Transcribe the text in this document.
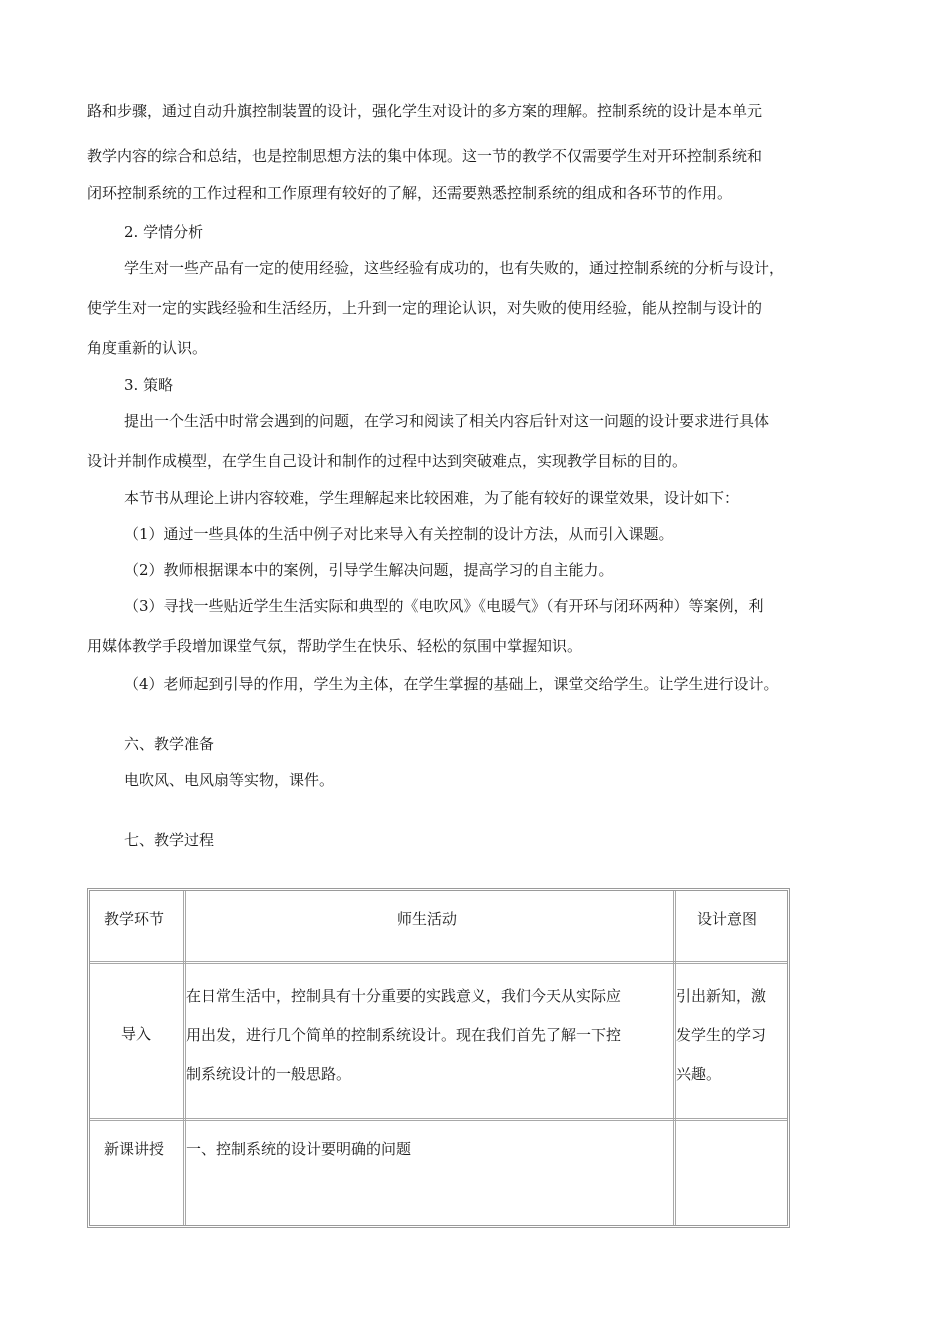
路和步骤，通过自动升旗控制装置的设计，强化学生对设计的多方案的理解。控制系统的设计是本单元
教学内容的综合和总结，也是控制思想方法的集中体现。这一节的教学不仅需要学生对开环控制系统和
闭环控制系统的工作过程和工作原理有较好的了解，还需要熟悉控制系统的组成和各环节的作用。
2. 学情分析
学生对一些产品有一定的使用经验，这些经验有成功的，也有失败的，通过控制系统的分析与设计，
使学生对一定的实践经验和生活经历，上升到一定的理论认识，对失败的使用经验，能从控制与设计的
角度重新的认识。
3. 策略
提出一个生活中时常会遇到的问题，在学习和阅读了相关内容后针对这一问题的设计要求进行具体
设计并制作成模型，在学生自己设计和制作的过程中达到突破难点，实现教学目标的目的。
本节书从理论上讲内容较难，学生理解起来比较困难，为了能有较好的课堂效果，设计如下：
（1）通过一些具体的生活中例子对比来导入有关控制的设计方法，从而引入课题。
（2）教师根据课本中的案例，引导学生解决问题，提高学习的自主能力。
（3）寻找一些贴近学生生活实际和典型的《电吹风》《电暖气》（有开环与闭环两种）等案例，利
用媒体教学手段增加课堂气氛，帮助学生在快乐、轻松的氛围中掌握知识。
（4）老师起到引导的作用，学生为主体，在学生掌握的基础上，课堂交给学生。让学生进行设计。
六、教学准备
电吹风、电风扇等实物，课件。
七、教学过程
教学环节	师生活动	设计意图
导入
在日常生活中，控制具有十分重要的实践意义，我们今天从实际应
用出发，进行几个简单的控制系统设计。现在我们首先了解一下控
制系统设计的一般思路。
引出新知，激
发学生的学习
兴趣。
新课讲授 一、控制系统的设计要明确的问题
